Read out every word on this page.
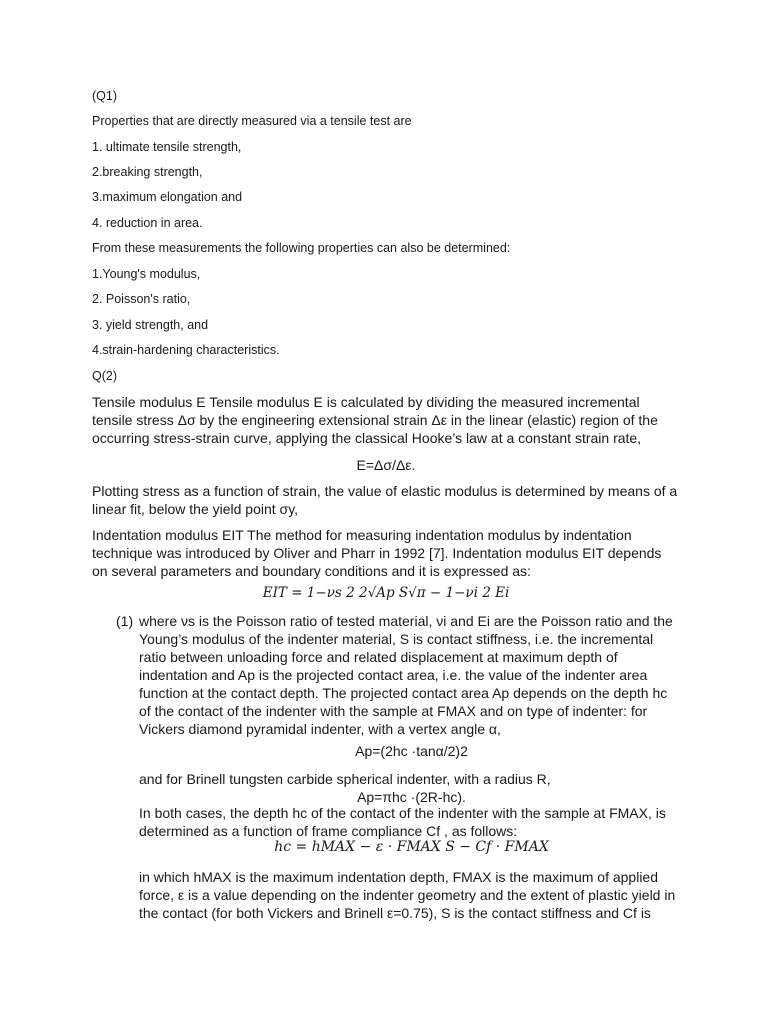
(Q1)
Properties that are directly measured via a tensile test are
1. ultimate tensile strength,
2.breaking strength,
3.maximum elongation and
4. reduction in area.
From these measurements the following properties can also be determined:
1.Young's modulus,
2. Poisson's ratio,
3. yield strength, and
4.strain-hardening characteristics.
Q(2)
Tensile modulus E Tensile modulus E is calculated by dividing the measured incremental tensile stress Δσ by the engineering extensional strain Δε in the linear (elastic) region of the occurring stress-strain curve, applying the classical Hooke’s law at a constant strain rate,
E=Δσ/Δε.
Plotting stress as a function of strain, the value of elastic modulus is determined by means of a linear fit, below the yield point σy,
Indentation modulus EIT The method for measuring indentation modulus by indentation technique was introduced by Oliver and Pharr in 1992 [7]. Indentation modulus EIT depends on several parameters and boundary conditions and it is expressed as:
EIT = 1−νs 2 2√Ap S√π − 1−νi 2 Ei
(1) where νs is the Poisson ratio of tested material, νi and Ei are the Poisson ratio and the Young’s modulus of the indenter material, S is contact stiffness, i.e. the incremental ratio between unloading force and related displacement at maximum depth of indentation and Ap is the projected contact area, i.e. the value of the indenter area function at the contact depth. The projected contact area Ap depends on the depth hc of the contact of the indenter with the sample at FMAX and on type of indenter: for Vickers diamond pyramidal indenter, with a vertex angle α,
Ap=(2hc ·tanα/2)2
and for Brinell tungsten carbide spherical indenter, with a radius R,
Ap=πhc ·(2R-hc).
In both cases, the depth hc of the contact of the indenter with the sample at FMAX, is determined as a function of frame compliance Cf , as follows:
hc = hMAX − ε · FMAX S − Cf · FMAX
in which hMAX is the maximum indentation depth, FMAX is the maximum of applied force, ε is a value depending on the indenter geometry and the extent of plastic yield in the contact (for both Vickers and Brinell ε=0.75), S is the contact stiffness and Cf is
